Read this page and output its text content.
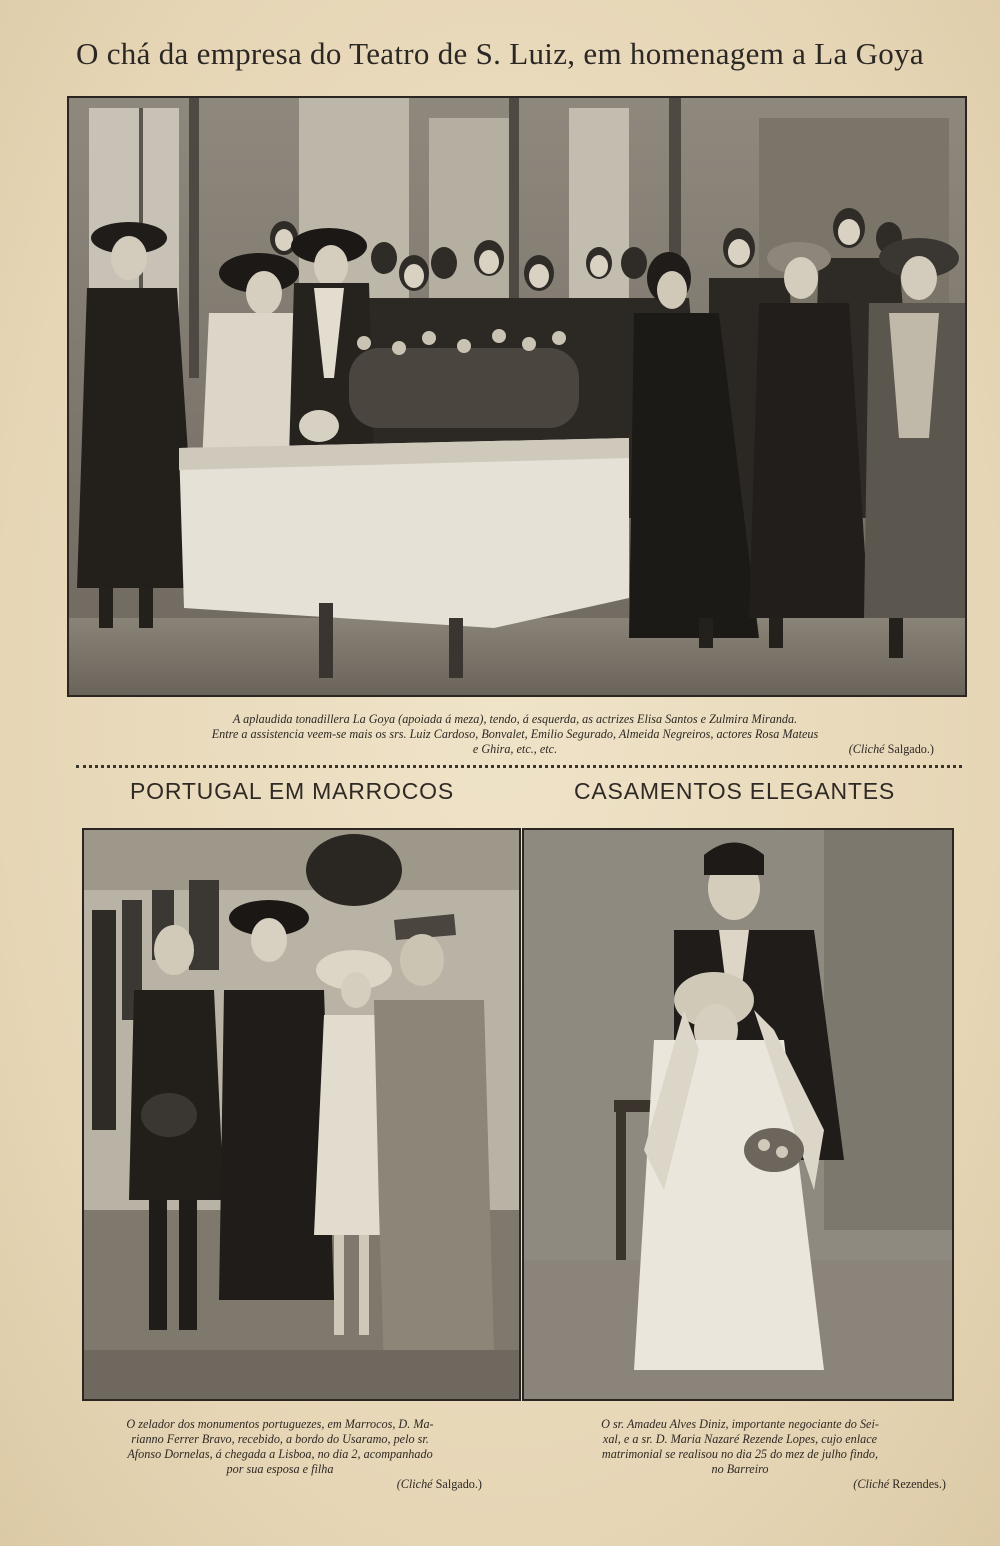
O chá da empresa do Teatro de S. Luiz, em homenagem a La Goya
A aplaudida tonadillera La Goya (apoiada á meza), tendo, á esquerda, as actrizes Elisa Santos e Zulmira Miranda.
Entre a assistencia veem-se mais os srs. Luiz Cardoso, Bonvalet, Emilio Segurado, Almeida Negreiros, actores Rosa Mateus
e Ghira, etc., etc.	(Cliché Salgado.)
PORTUGAL EM MARROCOS	CASAMENTOS ELEGANTES
O zelador dos monumentos portuguezes, em Marrocos, D. Ma-
rianno Ferrer Bravo, recebido, a bordo do Usaramo, pelo sr.
Afonso Dornelas, á chegada a Lisboa, no dia 2, acompanhado
por sua esposa e filha
(Cliché Salgado.)
O sr. Amadeu Alves Diniz, importante negociante do Sei-
xal, e a sr. D. Maria Nazaré Rezende Lopes, cujo enlace
matrimonial se realisou no dia 25 do mez de julho findo,
no Barreiro
(Cliché Rezendes.)
